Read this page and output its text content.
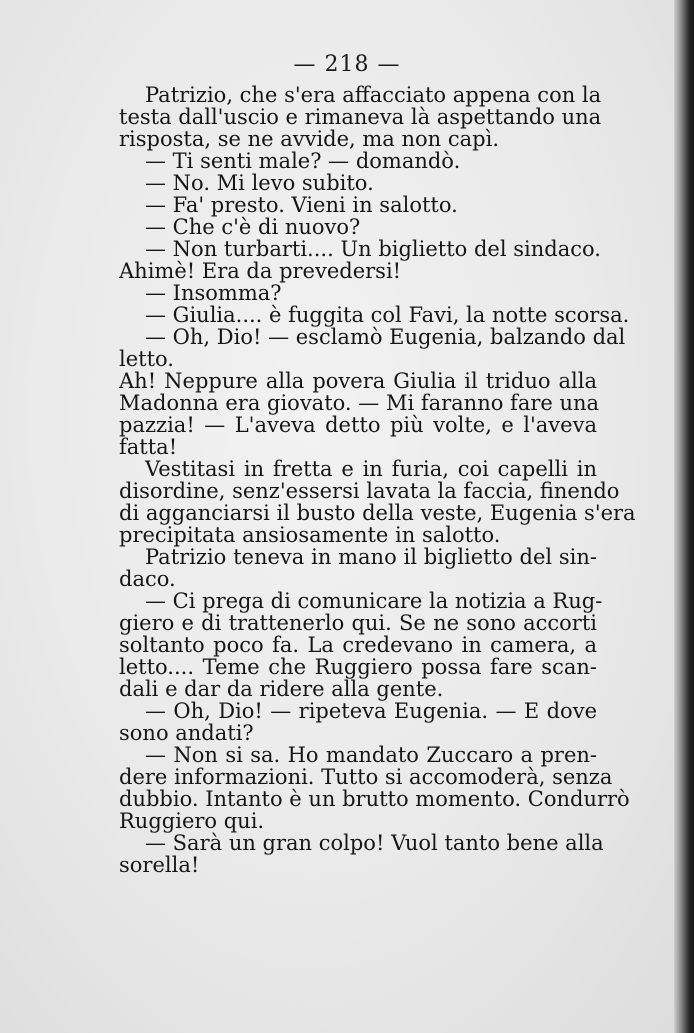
— 218 —
Patrizio, che s'era affacciato appena con la
testa dall'uscio e rimaneva là aspettando una
risposta, se ne avvide, ma non capì.
— Ti senti male? — domandò.
— No. Mi levo subito.
— Fa' presto. Vieni in salotto.
— Che c'è di nuovo?
— Non turbarti.... Un biglietto del sindaco.
Ahimè! Era da prevedersi!
— Insomma?
— Giulia.... è fuggita col Favi, la notte scorsa.
— Oh, Dio! — esclamò Eugenia, balzando dal
letto.
Ah! Neppure alla povera Giulia il triduo alla
Madonna era giovato. — Mi faranno fare una
pazzia! — L'aveva detto più volte, e l'aveva
fatta!
Vestitasi in fretta e in furia, coi capelli in
disordine, senz'essersi lavata la faccia, finendo
di agganciarsi il busto della veste, Eugenia s'era
precipitata ansiosamente in salotto.
Patrizio teneva in mano il biglietto del sin-
daco.
— Ci prega di comunicare la notizia a Rug-
giero e di trattenerlo qui. Se ne sono accorti
soltanto poco fa. La credevano in camera, a
letto.... Teme che Ruggiero possa fare scan-
dali e dar da ridere alla gente.
— Oh, Dio! — ripeteva Eugenia. — E dove
sono andati?
— Non si sa. Ho mandato Zuccaro a pren-
dere informazioni. Tutto si accomoderà, senza
dubbio. Intanto è un brutto momento. Condurrò
Ruggiero qui.
— Sarà un gran colpo! Vuol tanto bene alla
sorella!
